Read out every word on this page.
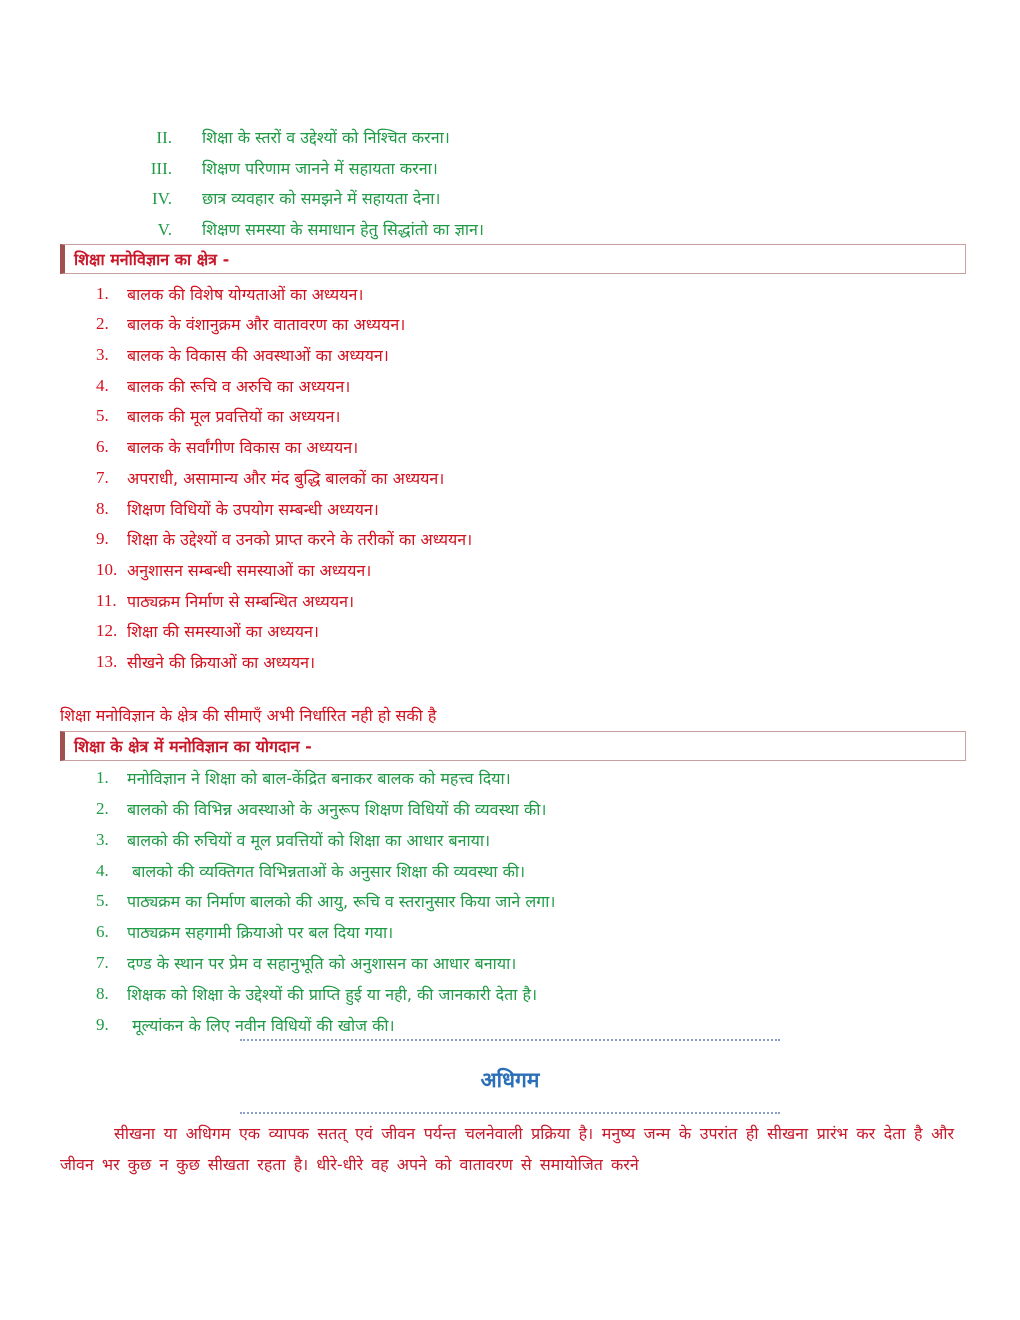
II. शिक्षा के स्तरों व उद्देश्यों को निश्चित करना।
III. शिक्षण परिणाम जानने में सहायता करना।
IV. छात्र व्यवहार को समझने में सहायता देना।
V. शिक्षण समस्या के समाधान हेतु सिद्धांतो का ज्ञान।
शिक्षा मनोविज्ञान का क्षेत्र -
1. बालक की विशेष योग्यताओं का अध्ययन।
2. बालक के वंशानुक्रम और वातावरण का अध्ययन।
3. बालक के विकास की अवस्थाओं का अध्ययन।
4. बालक की रूचि व अरुचि का अध्ययन।
5. बालक की मूल प्रवत्तियों का अध्ययन।
6. बालक के सर्वांगीण विकास का अध्ययन।
7. अपराधी, असामान्य और मंद बुद्धि बालकों का अध्ययन।
8. शिक्षण विधियों के उपयोग सम्बन्धी अध्ययन।
9. शिक्षा के उद्देश्यों व उनको प्राप्त करने के तरीकों का अध्ययन।
10. अनुशासन सम्बन्धी समस्याओं का अध्ययन।
11. पाठ्यक्रम निर्माण से सम्बन्धित अध्ययन।
12. शिक्षा की समस्याओं का अध्ययन।
13. सीखने की क्रियाओं का अध्ययन।
शिक्षा मनोविज्ञान के क्षेत्र की सीमाएँ अभी निर्धारित नही हो सकी है
शिक्षा के क्षेत्र में मनोविज्ञान का योगदान -
1. मनोविज्ञान ने शिक्षा को बाल-केंद्रित बनाकर बालक को महत्त्व दिया।
2. बालको की विभिन्न अवस्थाओ के अनुरूप शिक्षण विधियों की व्यवस्था की।
3. बालको की रुचियों व मूल प्रवत्तियों को शिक्षा का आधार बनाया।
4. बालको की व्यक्तिगत विभिन्नताओं के अनुसार शिक्षा की व्यवस्था की।
5. पाठ्यक्रम का निर्माण बालको की आयु, रूचि व स्तरानुसार किया जाने लगा।
6. पाठ्यक्रम सहगामी क्रियाओ पर बल दिया गया।
7. दण्ड के स्थान पर प्रेम व सहानुभूति को अनुशासन का आधार बनाया।
8. शिक्षक को शिक्षा के उद्देश्यों की प्राप्ति हुई या नही, की जानकारी देता है।
9. मूल्यांकन के लिए नवीन विधियों की खोज की।
अधिगम
सीखना या अधिगम एक व्यापक सतत् एवं जीवन पर्यन्त चलनेवाली प्रक्रिया है। मनुष्य जन्म के उपरांत ही सीखना प्रारंभ कर देता है और जीवन भर कुछ न कुछ सीखता रहता है। धीरे-धीरे वह अपने को वातावरण से समायोजित करने
